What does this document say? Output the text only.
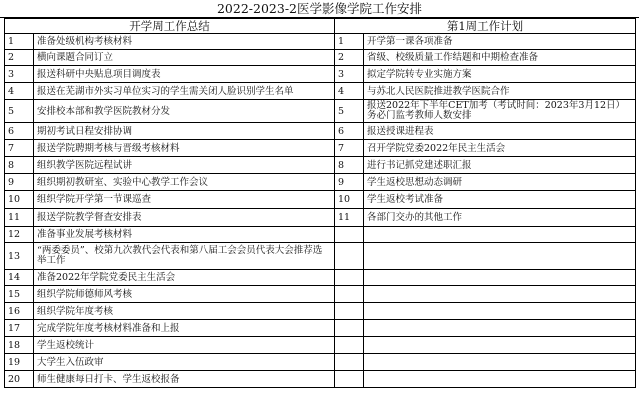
2022-2023-2医学影像学院工作安排
开学周工作总结		第1周工作计划	
1	准备处级机构考核材料	1	开学第一课各项准备
2	横向课题合同订立	2	省级、校级质量工作结题和中期检查准备
3	报送科研中央贴息项目调度表	3	拟定学院转专业实施方案
4	报送在芜湖市外实习单位实习的学生需关闭人脸识别学生名单	4	与苏北人民医院推进教学医院合作
5	安排校本部和教学医院教材分发	5	报送2022年下半年CET加考（考试时间：2023年3月12日）务必门监考教师人数安排
6	期初考试日程安排协调	6	报送授课进程表
7	报送学院聘期考核与晋级考核材料	7	召开学院党委2022年民主生活会
8	组织教学医院远程试讲	8	进行书记抓党建述职汇报
9	组织期初教研室、实验中心教学工作会议	9	学生返校思想动态调研
10	组织学院开学第一节课巡查	10	学生返校考试准备
11	报送学院教学督查安排表	11	各部门交办的其他工作
12	准备事业发展考核材料		
13	“两委委员”、校第九次教代会代表和第八届工会会员代表大会推荐选举工作		
14	准备2022年学院党委民主生活会		
15	组织学院师德师风考核		
16	组织学院年度考核		
17	完成学院年度考核材料准备和上报		
18	学生返校统计		
19	大学生入伍政审		
20	师生健康每日打卡、学生返校报备		
